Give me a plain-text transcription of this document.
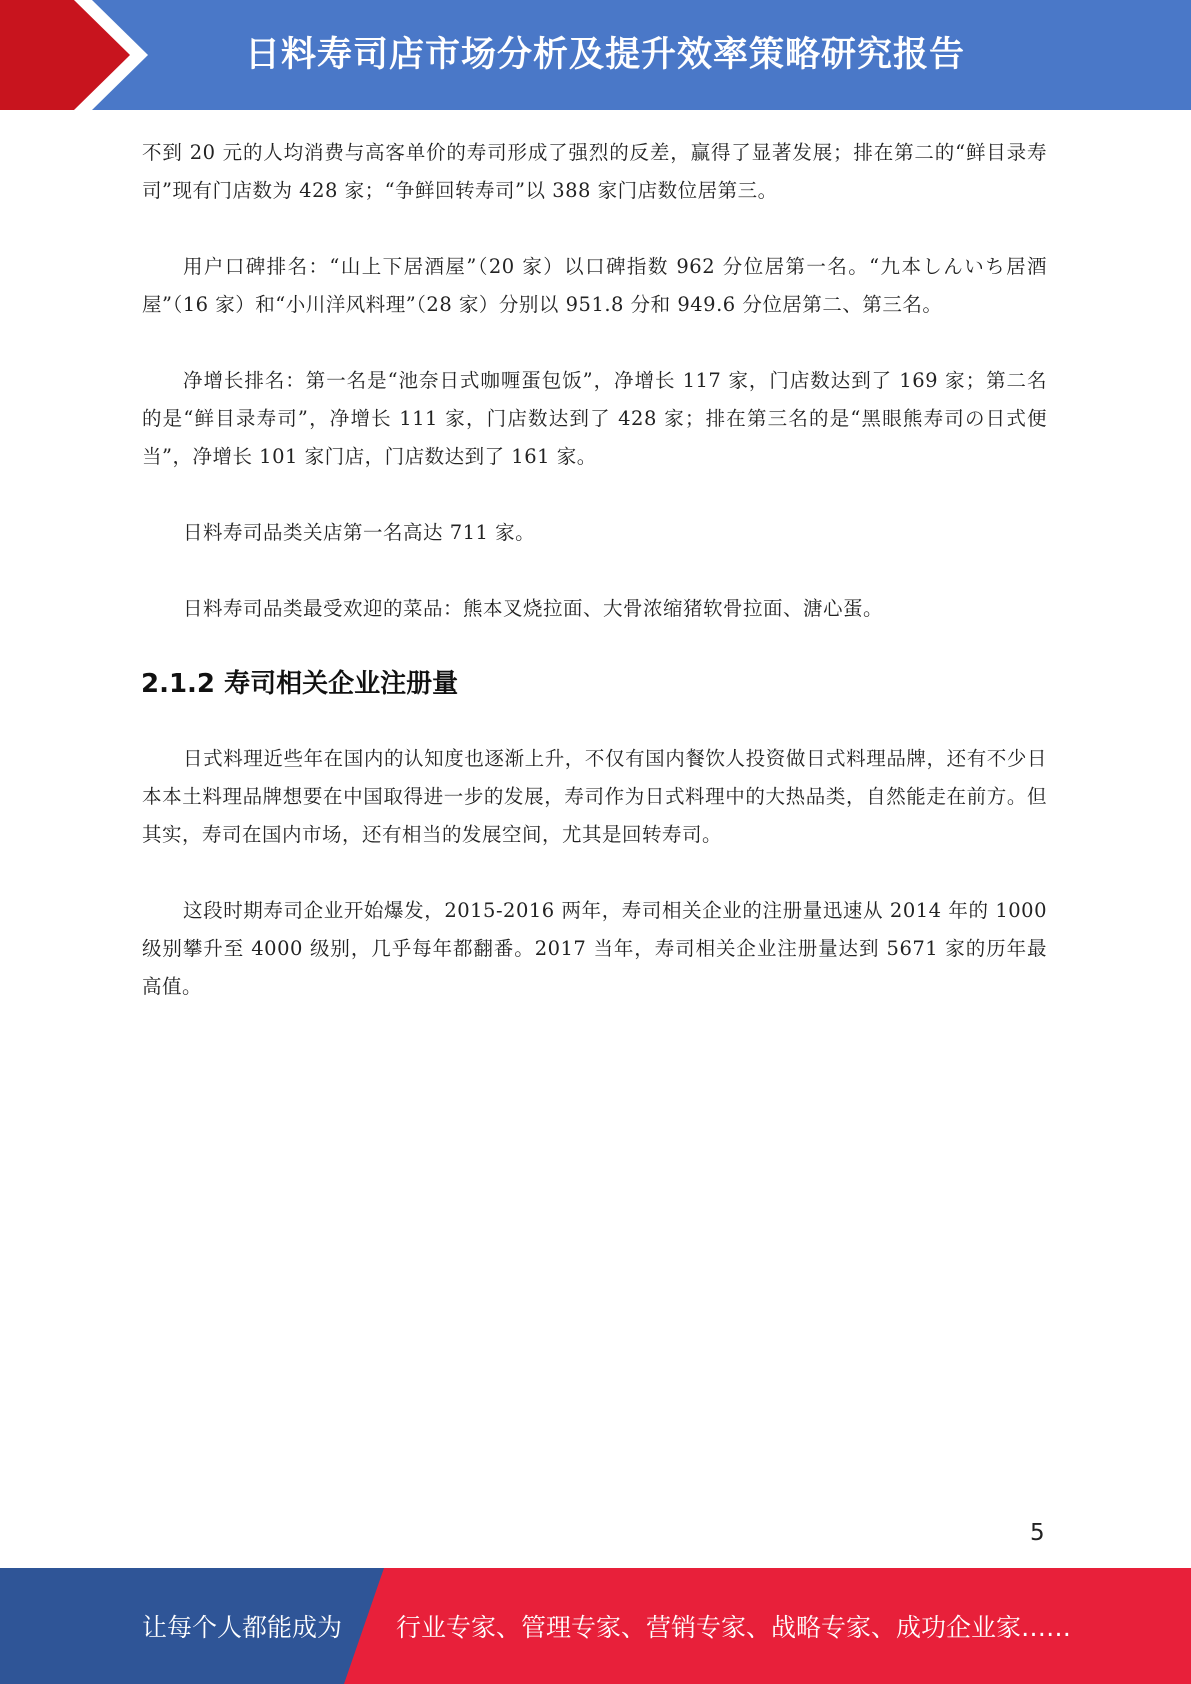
日料寿司店市场分析及提升效率策略研究报告

不到 20 元的人均消费与高客单价的寿司形成了强烈的反差，赢得了显著发展；排在第二的“鲜目录寿司”现有门店数为 428 家；“争鲜回转寿司”以 388 家门店数位居第三。

用户口碑排名：“山上下居酒屋”（20 家）以口碑指数 962 分位居第一名。“九本しんいち居酒屋”（16 家）和“小川洋风料理”（28 家）分别以 951.8 分和 949.6 分位居第二、第三名。

净增长排名：第一名是“池奈日式咖喱蛋包饭”，净增长 117 家，门店数达到了 169 家；第二名的是“鲜目录寿司”，净增长 111 家，门店数达到了 428 家；排在第三名的是“黑眼熊寿司の日式便当”，净增长 101 家门店，门店数达到了 161 家。

日料寿司品类关店第一名高达 711 家。

日料寿司品类最受欢迎的菜品：熊本叉烧拉面、大骨浓缩猪软骨拉面、溏心蛋。

2.1.2 寿司相关企业注册量

日式料理近些年在国内的认知度也逐渐上升，不仅有国内餐饮人投资做日式料理品牌，还有不少日本本土料理品牌想要在中国取得进一步的发展，寿司作为日式料理中的大热品类，自然能走在前方。但其实，寿司在国内市场，还有相当的发展空间，尤其是回转寿司。

这段时期寿司企业开始爆发，2015-2016 两年，寿司相关企业的注册量迅速从 2014 年的 1000 级别攀升至 4000 级别，几乎每年都翻番。2017 当年，寿司相关企业注册量达到 5671 家的历年最高值。

5
让每个人都能成为 行业专家、管理专家、营销专家、战略专家、成功企业家……
